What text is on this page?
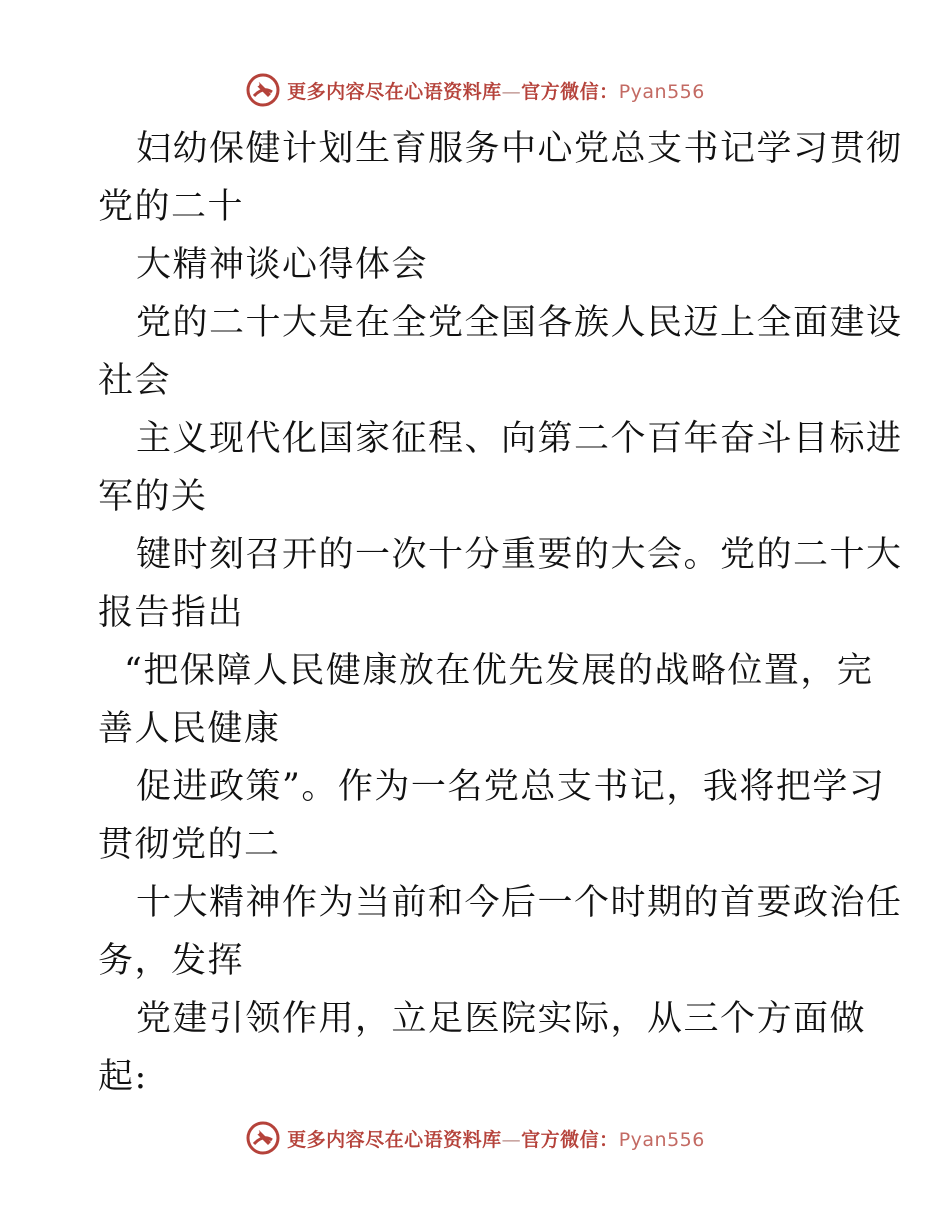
更多内容尽在心语资料库—官方微信：Pyan556
妇幼保健计划生育服务中心党总支书记学习贯彻
党的二十
大精神谈心得体会
党的二十大是在全党全国各族人民迈上全面建设
社会
主义现代化国家征程、向第二个百年奋斗目标进
军的关
键时刻召开的一次十分重要的大会。党的二十大
报告指出
“把保障人民健康放在优先发展的战略位置，完
善人民健康
促进政策”。作为一名党总支书记，我将把学习
贯彻党的二
十大精神作为当前和今后一个时期的首要政治任
务，发挥
党建引领作用，立足医院实际，从三个方面做
起:
更多内容尽在心语资料库—官方微信：Pyan556
